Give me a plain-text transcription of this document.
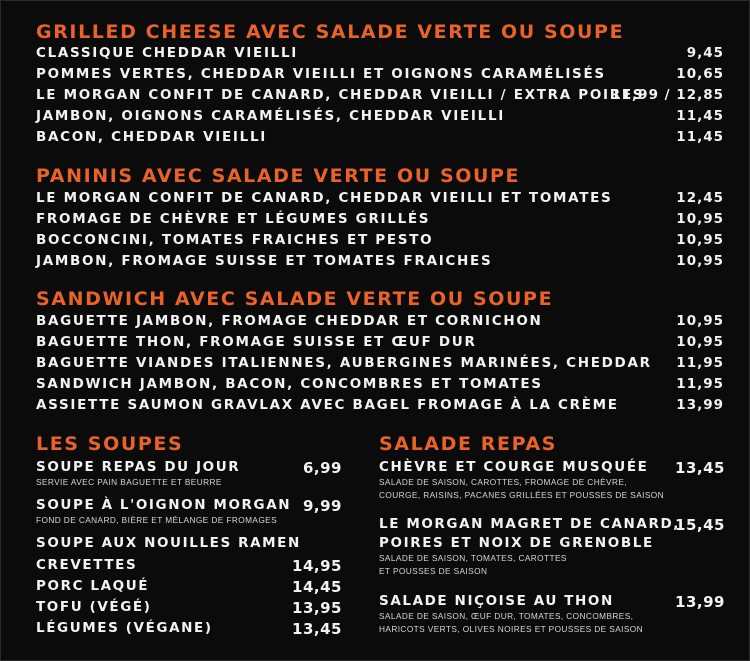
GRILLED CHEESE AVEC SALADE VERTE OU SOUPE
CLASSIQUE CHEDDAR VIEILLI	9,45
POMMES VERTES, CHEDDAR VIEILLI ET OIGNONS CARAMÉLISÉS	10,65
LE MORGAN CONFIT DE CANARD, CHEDDAR VIEILLI / EXTRA POIRES
11,99 / 12,85
JAMBON, OIGNONS CARAMÉLISÉS, CHEDDAR VIEILLI	11,45
BACON, CHEDDAR VIEILLI	11,45
PANINIS AVEC SALADE VERTE OU SOUPE
LE MORGAN CONFIT DE CANARD, CHEDDAR VIEILLI ET TOMATES	12,45
FROMAGE DE CHÈVRE ET LÉGUMES GRILLÉS	10,95
BOCCONCINI, TOMATES FRAICHES ET PESTO	10,95
JAMBON, FROMAGE SUISSE ET TOMATES FRAICHES	10,95
SANDWICH AVEC SALADE VERTE OU SOUPE
BAGUETTE JAMBON, FROMAGE CHEDDAR ET CORNICHON	10,95
BAGUETTE THON, FROMAGE SUISSE ET ŒUF DUR	10,95
BAGUETTE VIANDES ITALIENNES, AUBERGINES MARINÉES, CHEDDAR 11,95
SANDWICH JAMBON, BACON, CONCOMBRES ET TOMATES	11,95
ASSIETTE SAUMON GRAVLAX AVEC BAGEL FROMAGE À LA CRÈME	13,99
LES SOUPES
SOUPE REPAS DU JOUR
SERVIE AVEC PAIN BAGUETTE ET BEURRE
6,99
SOUPE À L'OIGNON MORGAN
FOND DE CANARD, BIÈRE ET MÉLANGE DE FROMAGES
9,99
SOUPE AUX NOUILLES RAMEN
CREVETTES	14,95
PORC LAQUÉ	14,45
TOFU (VÉGÉ)	13,95
LÉGUMES (VÉGANE)	13,45
SALADE REPAS
CHÈVRE ET COURGE MUSQUÉE
SALADE DE SAISON, CAROTTES, FROMAGE DE CHÈVRE,
COURGE, RAISINS, PACANES GRILLÉES ET POUSSES DE SAISON
13,45
LE MORGAN MAGRET DE CANARD,
POIRES ET NOIX DE GRENOBLE
SALADE DE SAISON, TOMATES, CAROTTES
ET POUSSES DE SAISON
15,45
SALADE NIÇOISE AU THON
SALADE DE SAISON, ŒUF DUR, TOMATES, CONCOMBRES,
HARICOTS VERTS, OLIVES NOIRES ET POUSSES DE SAISON
13,99
